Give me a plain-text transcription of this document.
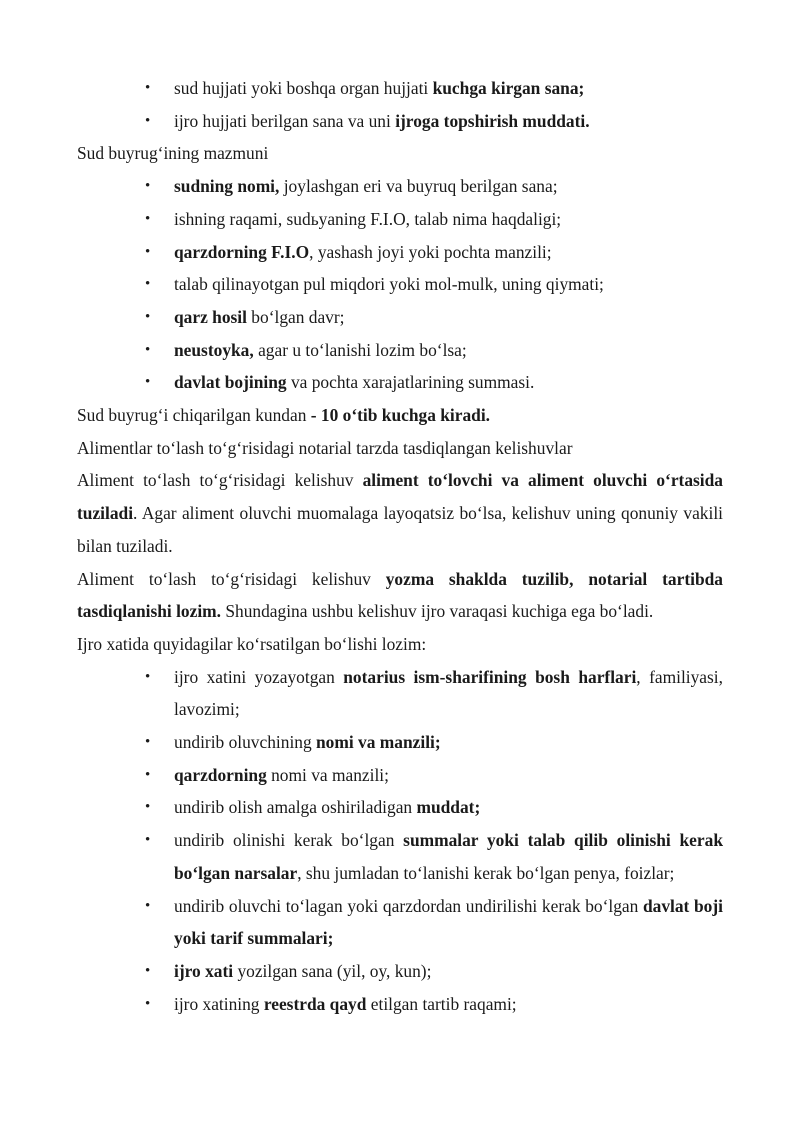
• sud hujjati yoki boshqa organ hujjati kuchga kirgan sana;
• ijro hujjati berilgan sana va uni ijroga topshirish muddati.

Sud buyrug‘ining mazmuni

• sudning nomi, joylashgan eri va buyruq berilgan sana;
• ishning raqami, sudьyaning F.I.O, talab nima haqdaligi;
• qarzdorning F.I.O, yashash joyi yoki pochta manzili;
• talab qilinayotgan pul miqdori yoki mol-mulk, uning qiymati;
• qarz hosil bo‘lgan davr;
• neustoyka, agar u to‘lanishi lozim bo‘lsa;
• davlat bojining va pochta xarajatlarining summasi.

Sud buyrug‘i chiqarilgan kundan - 10 o‘tib kuchga kiradi.

Alimentlar to‘lash to‘g‘risidagi notarial tarzda tasdiqlangan kelishuvlar

Aliment to‘lash to‘g‘risidagi kelishuv aliment to‘lovchi va aliment oluvchi o‘rtasida tuziladi. Agar aliment oluvchi muomalaga layoqatsiz bo‘lsa, kelishuv uning qonuniy vakili bilan tuziladi.

Aliment to‘lash to‘g‘risidagi kelishuv yozma shaklda tuzilib, notarial tartibda tasdiqlanishi lozim. Shundagina ushbu kelishuv ijro varaqasi kuchiga ega bo‘ladi.

Ijro xatida quyidagilar ko‘rsatilgan bo‘lishi lozim:

• ijro xatini yozayotgan notarius ism-sharifining bosh harflari, familiyasi, lavozimi;
• undirib oluvchining nomi va manzili;
• qarzdorning nomi va manzili;
• undirib olish amalga oshiriladigan muddat;
• undirib olinishi kerak bo‘lgan summalar yoki talab qilib olinishi kerak bo‘lgan narsalar, shu jumladan to‘lanishi kerak bo‘lgan penya, foizlar;
• undirib oluvchi to‘lagan yoki qarzdordan undirilishi kerak bo‘lgan davlat boji yoki tarif summalari;
• ijro xati yozilgan sana (yil, oy, kun);
• ijro xatining reestrda qayd etilgan tartib raqami;
